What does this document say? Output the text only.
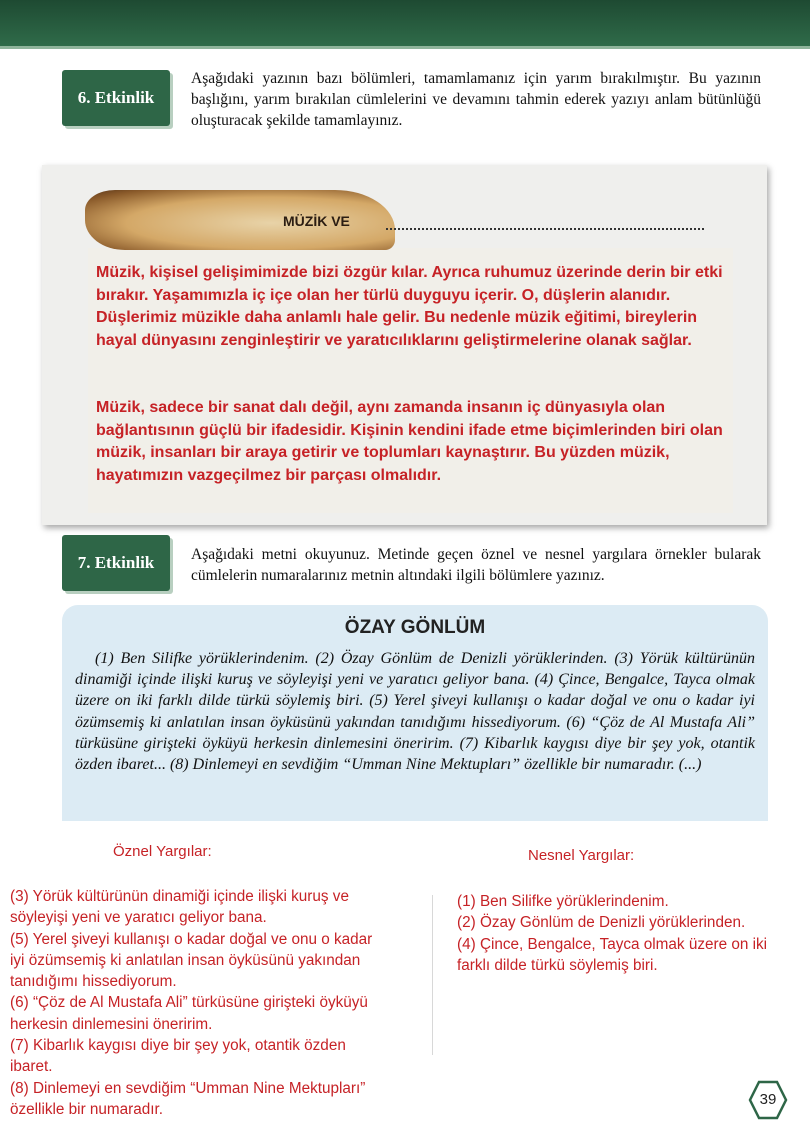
6. Etkinlik
Aşağıdaki yazının bazı bölümleri, tamamlamanız için yarım bırakılmıştır. Bu yazının başlığını, yarım bırakılan cümlelerini ve devamını tahmin ederek yazıyı anlam bütünlüğü oluşturacak şekilde tamamlayınız.
MÜZİK VE
Müzik, kişisel gelişimimizde bizi özgür kılar. Ayrıca ruhumuz üzerinde derin bir etki bırakır. Yaşamımızla iç içe olan her türlü duyguyu içerir. O, düşlerin alanıdır. Düşlerimiz müzikle daha anlamlı hale gelir. Bu nedenle müzik eğitimi, bireylerin hayal dünyasını zenginleştirir ve yaratıcılıklarını geliştirmelerine olanak sağlar.
Müzik, sadece bir sanat dalı değil, aynı zamanda insanın iç dünyasıyla olan bağlantısının güçlü bir ifadesidir. Kişinin kendini ifade etme biçimlerinden biri olan müzik, insanları bir araya getirir ve toplumları kaynaştırır. Bu yüzden müzik, hayatımızın vazgeçilmez bir parçası olmalıdır.
7. Etkinlik	Aşağıdaki metni okuyunuz. Metinde geçen öznel ve nesnel yargılara örnekler bularak cümlelerin numaralarınız metnin altındaki ilgili bölümlere yazınız.
ÖZAY GÖNLÜM
(1) Ben Silifke yörüklerindenim. (2) Özay Gönlüm de Denizli yörüklerinden. (3) Yörük kültürünün dinamiği içinde ilişki kuruş ve söyleyişi yeni ve yaratıcı geliyor bana. (4) Çince, Bengalce, Tayca olmak üzere on iki farklı dilde türkü söylemiş biri. (5) Yerel şiveyi kullanışı o kadar doğal ve onu o kadar iyi özümsemiş ki anlatılan insan öyküsünü yakından tanıdığımı hissediyorum. (6) “Çöz de Al Mustafa Ali” türküsüne girişteki öyküyü herkesin dinlemesini öneririm. (7) Kibarlık kaygısı diye bir şey yok, otantik özden ibaret... (8) Dinlemeyi en sevdiğim “Umman Nine Mektupları” özellikle bir numaradır. (...)
Öznel Yargılar:	Nesnel Yargılar:
(3) Yörük kültürünün dinamiği içinde ilişki kuruş ve
söyleyişi yeni ve yaratıcı geliyor bana.
(5) Yerel şiveyi kullanışı o kadar doğal ve onu o kadar
iyi özümsemiş ki anlatılan insan öyküsünü yakından
tanıdığımı hissediyorum.
(6) “Çöz de Al Mustafa Ali” türküsüne girişteki öyküyü
herkesin dinlemesini öneririm.
(7) Kibarlık kaygısı diye bir şey yok, otantik özden
ibaret.
(8) Dinlemeyi en sevdiğim “Umman Nine Mektupları”
özellikle bir numaradır.
(1) Ben Silifke yörüklerindenim.
(2) Özay Gönlüm de Denizli yörüklerinden.
(4) Çince, Bengalce, Tayca olmak üzere on iki
farklı dilde türkü söylemiş biri.
39
